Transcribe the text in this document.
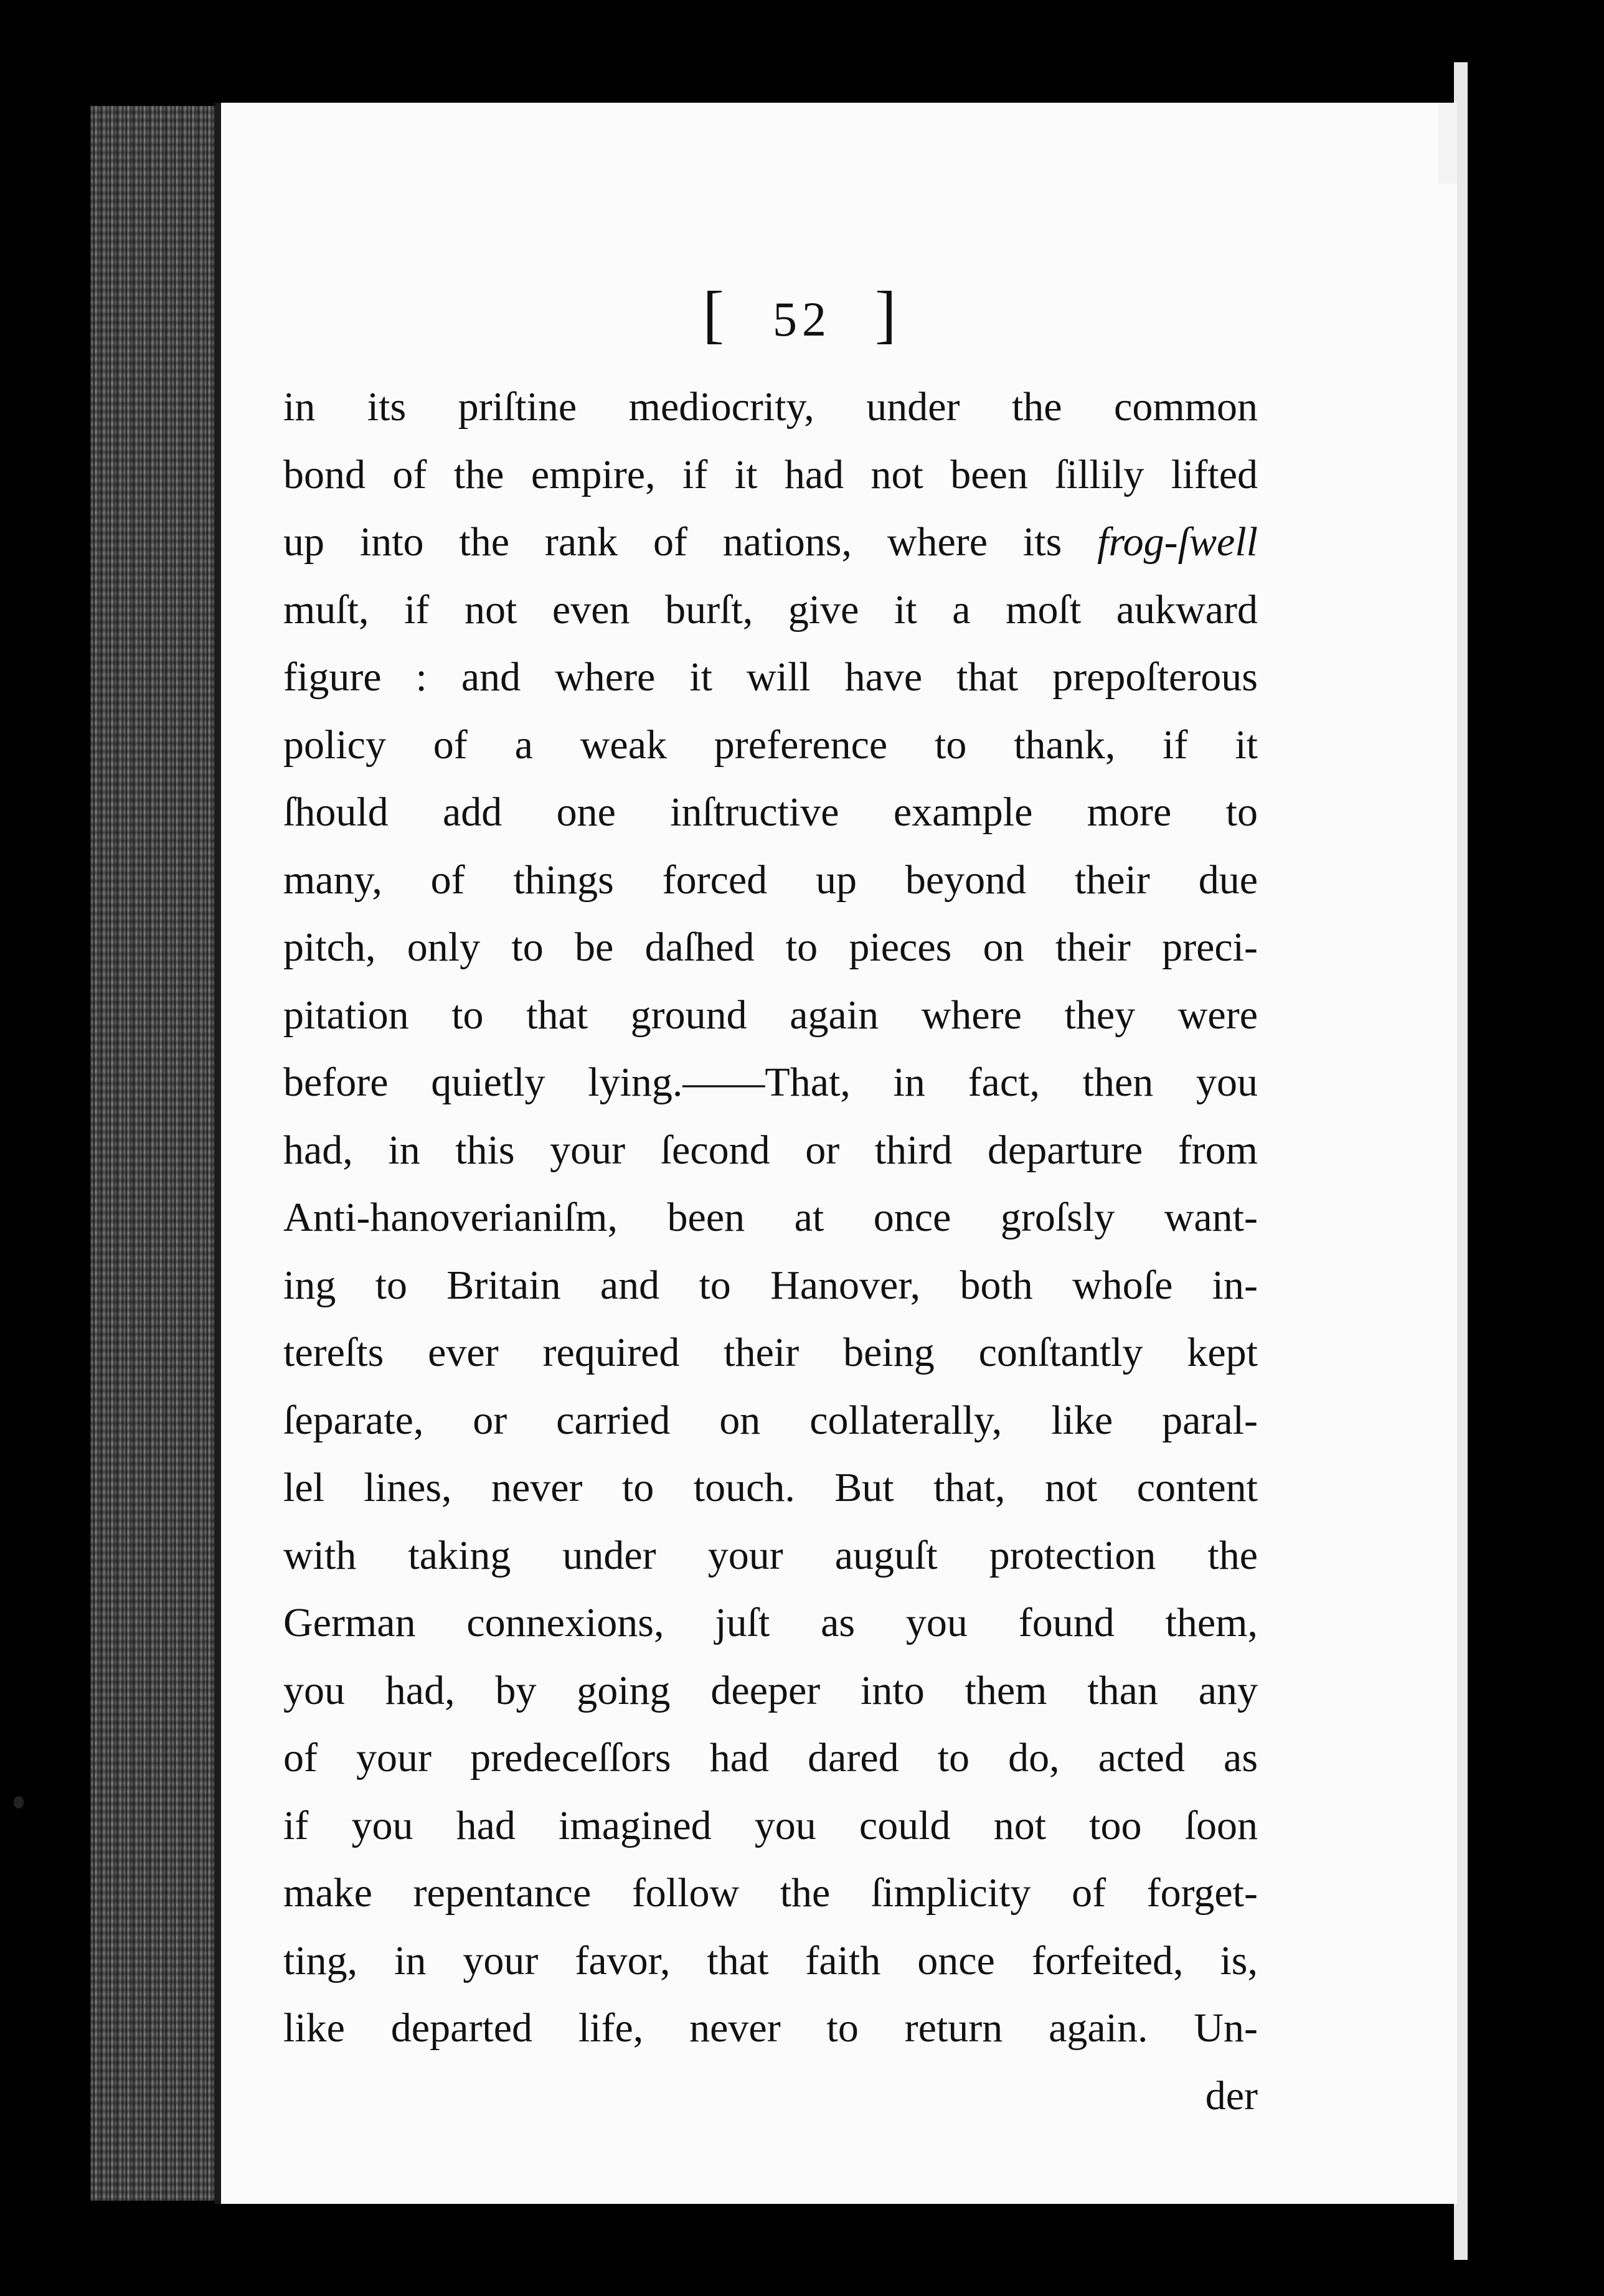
[ 52 ]
in its priſtine mediocrity, under the common
bond of the empire, if it had not been ſillily lifted
up into the rank of nations, where its frog-ſwell
muſt, if not even burſt, give it a moſt aukward
figure : and where it will have that prepoſterous
policy of a weak preference to thank, if it
ſhould add one inſtructive example more to
many, of things forced up beyond their due
pitch, only to be daſhed to pieces on their preci-
pitation to that ground again where they were
before quietly lying.——That, in fact, then you
had, in this your ſecond or third departure from
Anti-hanoverianiſm, been at once groſsly want-
ing to Britain and to Hanover, both whoſe in-
tereſts ever required their being conſtantly kept
ſeparate, or carried on collaterally, like paral-
lel lines, never to touch. But that, not content
with taking under your auguſt protection the
German connexions, juſt as you found them,
you had, by going deeper into them than any
of your predeceſſors had dared to do, acted as
if you had imagined you could not too ſoon
make repentance follow the ſimplicity of forget-
ting, in your favor, that faith once forfeited, is,
like departed life, never to return again. Un-
der
